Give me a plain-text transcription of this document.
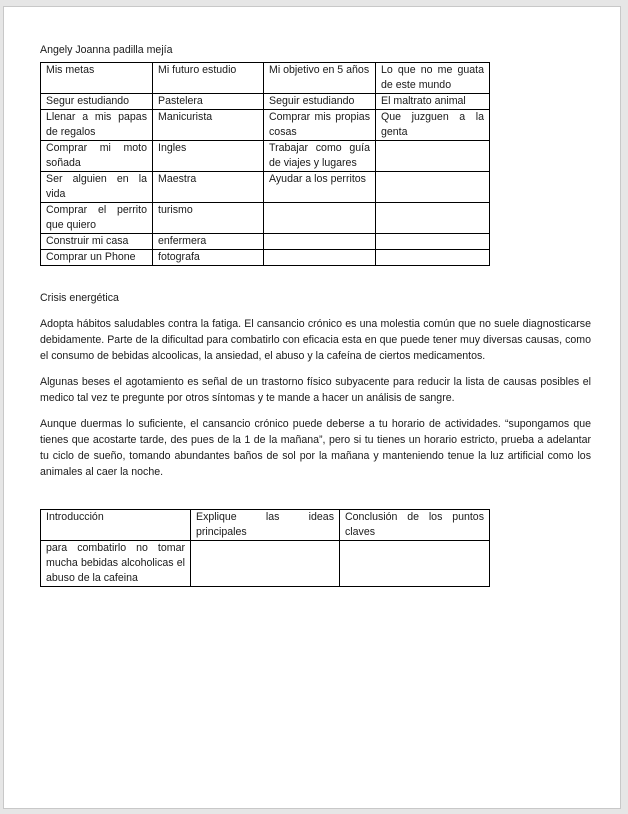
Angely Joanna padilla mejía
Mis metas	Mi futuro estudio	Mi objetivo en 5 años	Lo que no me guata de este mundo
Segur estudiando	Pastelera	Seguir estudiando	El maltrato animal
Llenar a mis papas de regalos	Manicurista	Comprar mis propias cosas	Que juzguen a la genta
Comprar mi moto soñada	Ingles	Trabajar como guía de viajes y lugares	
Ser alguien en la vida	Maestra	Ayudar a los perritos	
Comprar el perrito que quiero	turismo		
Construir mi casa	enfermera		
Comprar un Phone	fotografa		
Crisis energética

Adopta hábitos saludables contra la fatiga. El cansancio crónico es una molestia común que no suele diagnosticarse debidamente. Parte de la dificultad para combatirlo con eficacia esta en que puede tener muy diversas causas, como el consumo de bebidas alcoolicas, la ansiedad, el abuso y la cafeína de ciertos medicamentos.

Algunas beses el agotamiento es señal de un trastorno físico subyacente para reducir la lista de causas posibles el medico tal vez te pregunte por otros síntomas y te mande a hacer un análisis de sangre.

Aunque duermas lo suficiente, el cansancio crónico puede deberse a tu horario de actividades. “supongamos que tienes que acostarte tarde, des pues de la 1 de la mañana”, pero si tu tienes un horario estricto, prueba a adelantar tu ciclo de sueño, tomando abundantes baños de sol por la mañana y manteniendo tenue la luz artificial como los animales al caer la noche.

Introducción	Explique las ideas principales	Conclusión de los puntos claves
para combatirlo no tomar mucha bebidas alcoholicas el abuso de la cafeina		
